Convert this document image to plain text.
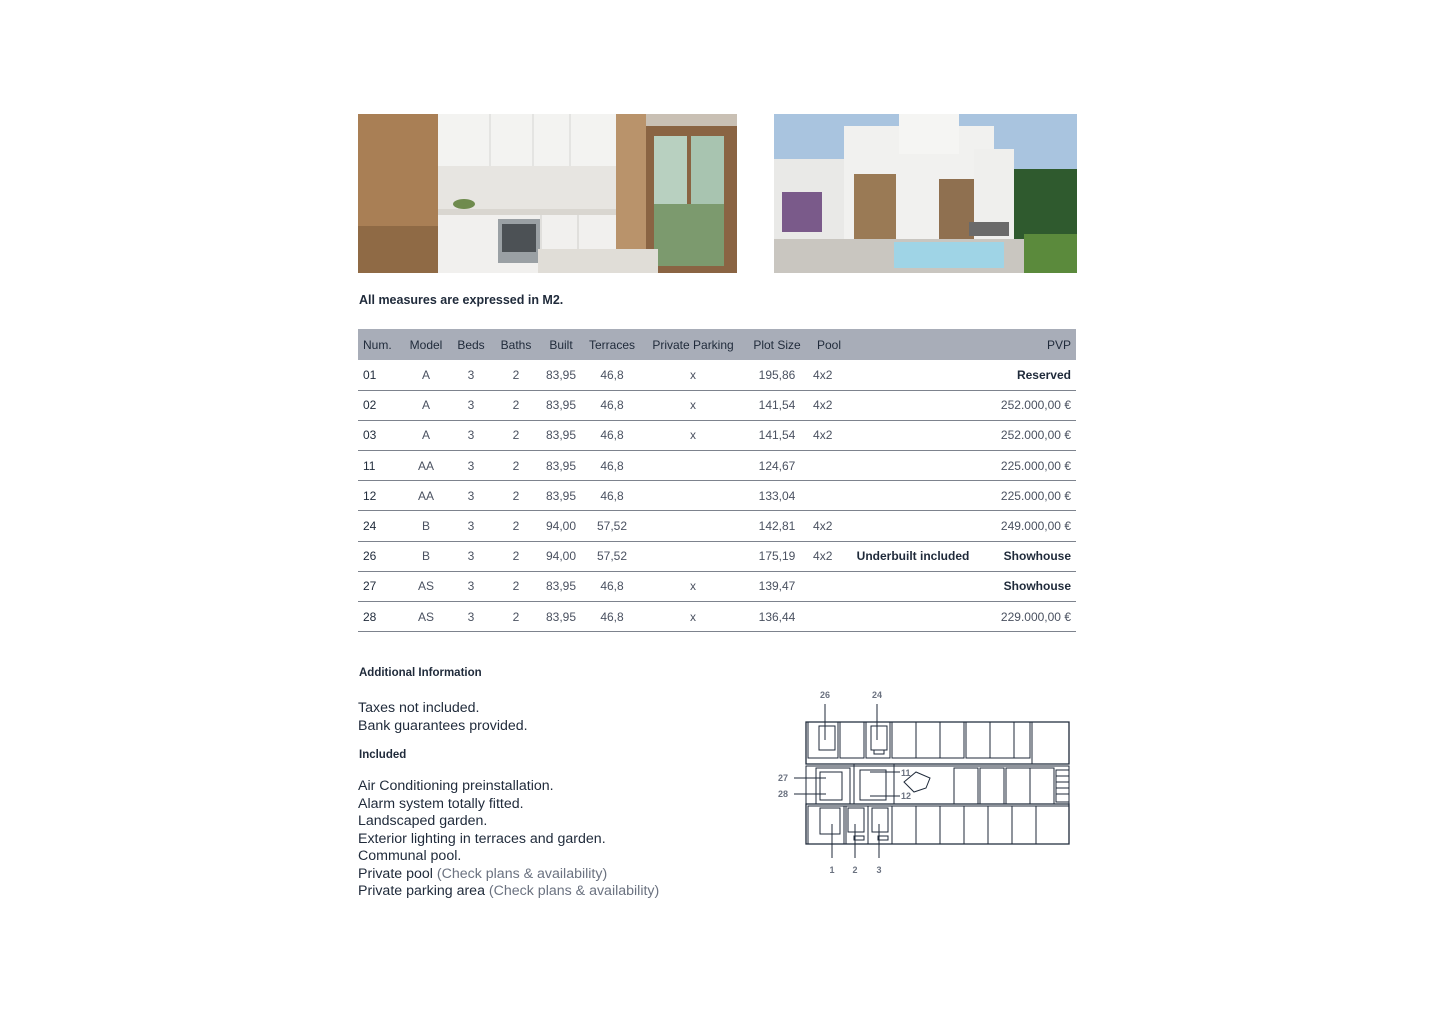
All measures are expressed in M2.
Num.	Model	Beds	Baths	Built	Terraces	Private Parking	Plot Size	Pool		PVP
01	A	3	2	83,95	46,8	x	195,86	4x2		Reserved
02	A	3	2	83,95	46,8	x	141,54	4x2		252.000,00 €
03	A	3	2	83,95	46,8	x	141,54	4x2		252.000,00 €
11	AA	3	2	83,95	46,8		124,67			225.000,00 €
12	AA	3	2	83,95	46,8		133,04			225.000,00 €
24	B	3	2	94,00	57,52		142,81	4x2		249.000,00 €
26	B	3	2	94,00	57,52		175,19	4x2	Underbuilt included	Showhouse
27	AS	3	2	83,95	46,8	x	139,47			Showhouse
28	AS	3	2	83,95	46,8	x	136,44			229.000,00 €
Additional Information
Taxes not included.
Bank guarantees provided.
Included
Air Conditioning preinstallation.
Alarm system totally fitted.
Landscaped garden.
Exterior lighting in terraces and garden.
Communal pool.
Private pool (Check plans & availability)
Private parking area (Check plans & availability)
26	24
27
28
11
12
1 2 3
